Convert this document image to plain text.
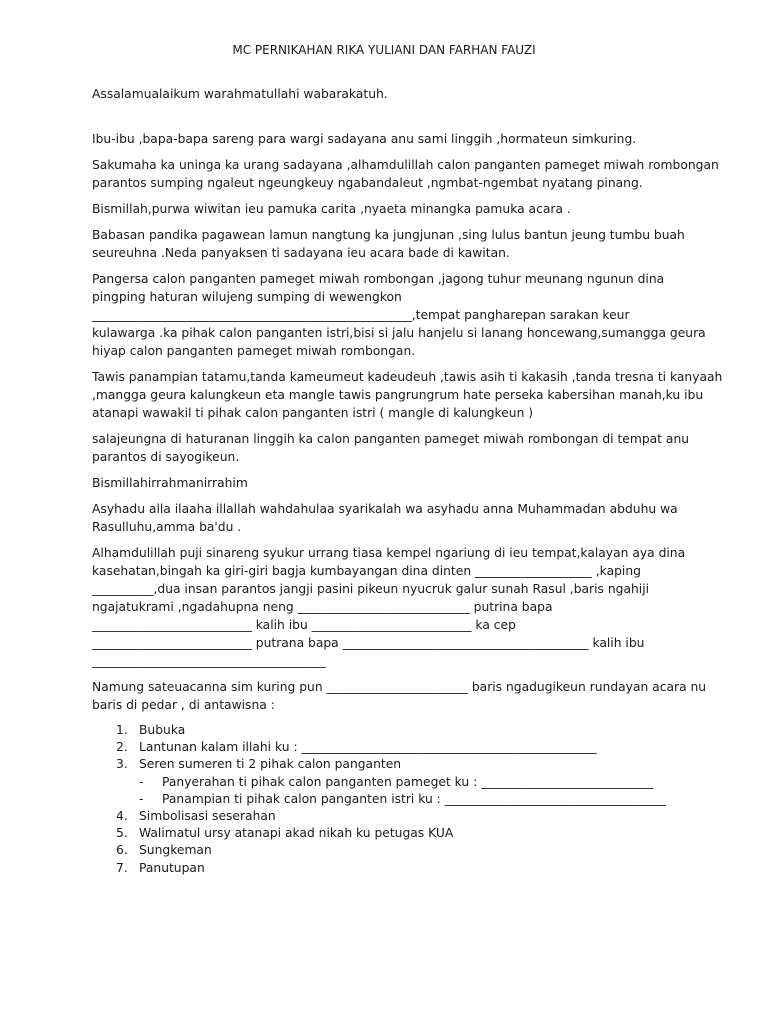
MC PERNIKAHAN RIKA YULIANI DAN FARHAN FAUZI
Assalamualaikum warahmatullahi wabarakatuh.
Ibu-ibu ,bapa-bapa sareng para wargi sadayana anu sami linggih ,hormateun simkuring.
Sakumaha ka uninga ka urang sadayana ,alhamdulillah calon panganten pameget miwah rombongan
parantos sumping ngaleut ngeungkeuy ngabandaleut ,ngmbat-ngembat nyatang pinang.
Bismillah,purwa wiwitan ieu pamuka carita ,nyaeta minangka pamuka acara .
Babasan pandika pagawean lamun nangtung ka jungjunan ,sing lulus bantun jeung tumbu buah
seureuhna .Neda panyaksen ti sadayana ieu acara bade di kawitan.
Pangersa calon panganten pameget miwah rombongan ,jagong tuhur meunang ngunun dina
pingping haturan wilujeng sumping di wewengkon
____________________________________________________,tempat pangharepan sarakan keur
kulawarga .ka pihak calon panganten istri,bisi si jalu hanjelu si lanang honcewang,sumangga geura
hiyap calon panganten pameget miwah rombongan.
Tawis panampian tatamu,tanda kameumeut kadeudeuh ,tawis asih ti kakasih ,tanda tresna ti kanyaah
,mangga geura kalungkeun eta mangle tawis pangrungrum hate perseka kabersihan manah,ku ibu
atanapi wawakil ti pihak calon panganten istri ( mangle di kalungkeun )
salajeungna di haturanan linggih ka calon panganten pameget miwah rombongan di tempat anu
parantos di sayogikeun.
Bismillahirrahmanirrahim
Asyhadu alla ilaaha illallah wahdahulaa syarikalah wa asyhadu anna Muhammadan abduhu wa
Rasulluhu,amma ba'du .
Alhamdulillah puji sinareng syukur urrang tiasa kempel ngariung di ieu tempat,kalayan aya dina
kasehatan,bingah ka giri-giri bagja kumbayangan dina dinten ___________________ ,kaping
__________,dua insan parantos jangji pasini pikeun nyucruk galur sunah Rasul ,baris ngahiji
ngajatukrami ,ngadahupna neng ____________________________ putrina bapa
__________________________ kalih ibu __________________________ ka cep
__________________________ putrana bapa ________________________________________ kalih ibu
______________________________________
Namung sateuacanna sim kuring pun _______________________ baris ngadugikeun rundayan acara nu
baris di pedar , di antawisna :
1. Bubuka
2. Lantunan kalam illahi ku : ________________________________________________
3. Seren sumeren ti 2 pihak calon panganten
- Panyerahan ti pihak calon panganten pameget ku : ____________________________
- Panampian ti pihak calon panganten istri ku : ____________________________________
4. Simbolisasi seserahan
5. Walimatul ursy atanapi akad nikah ku petugas KUA
6. Sungkeman
7. Panutupan
